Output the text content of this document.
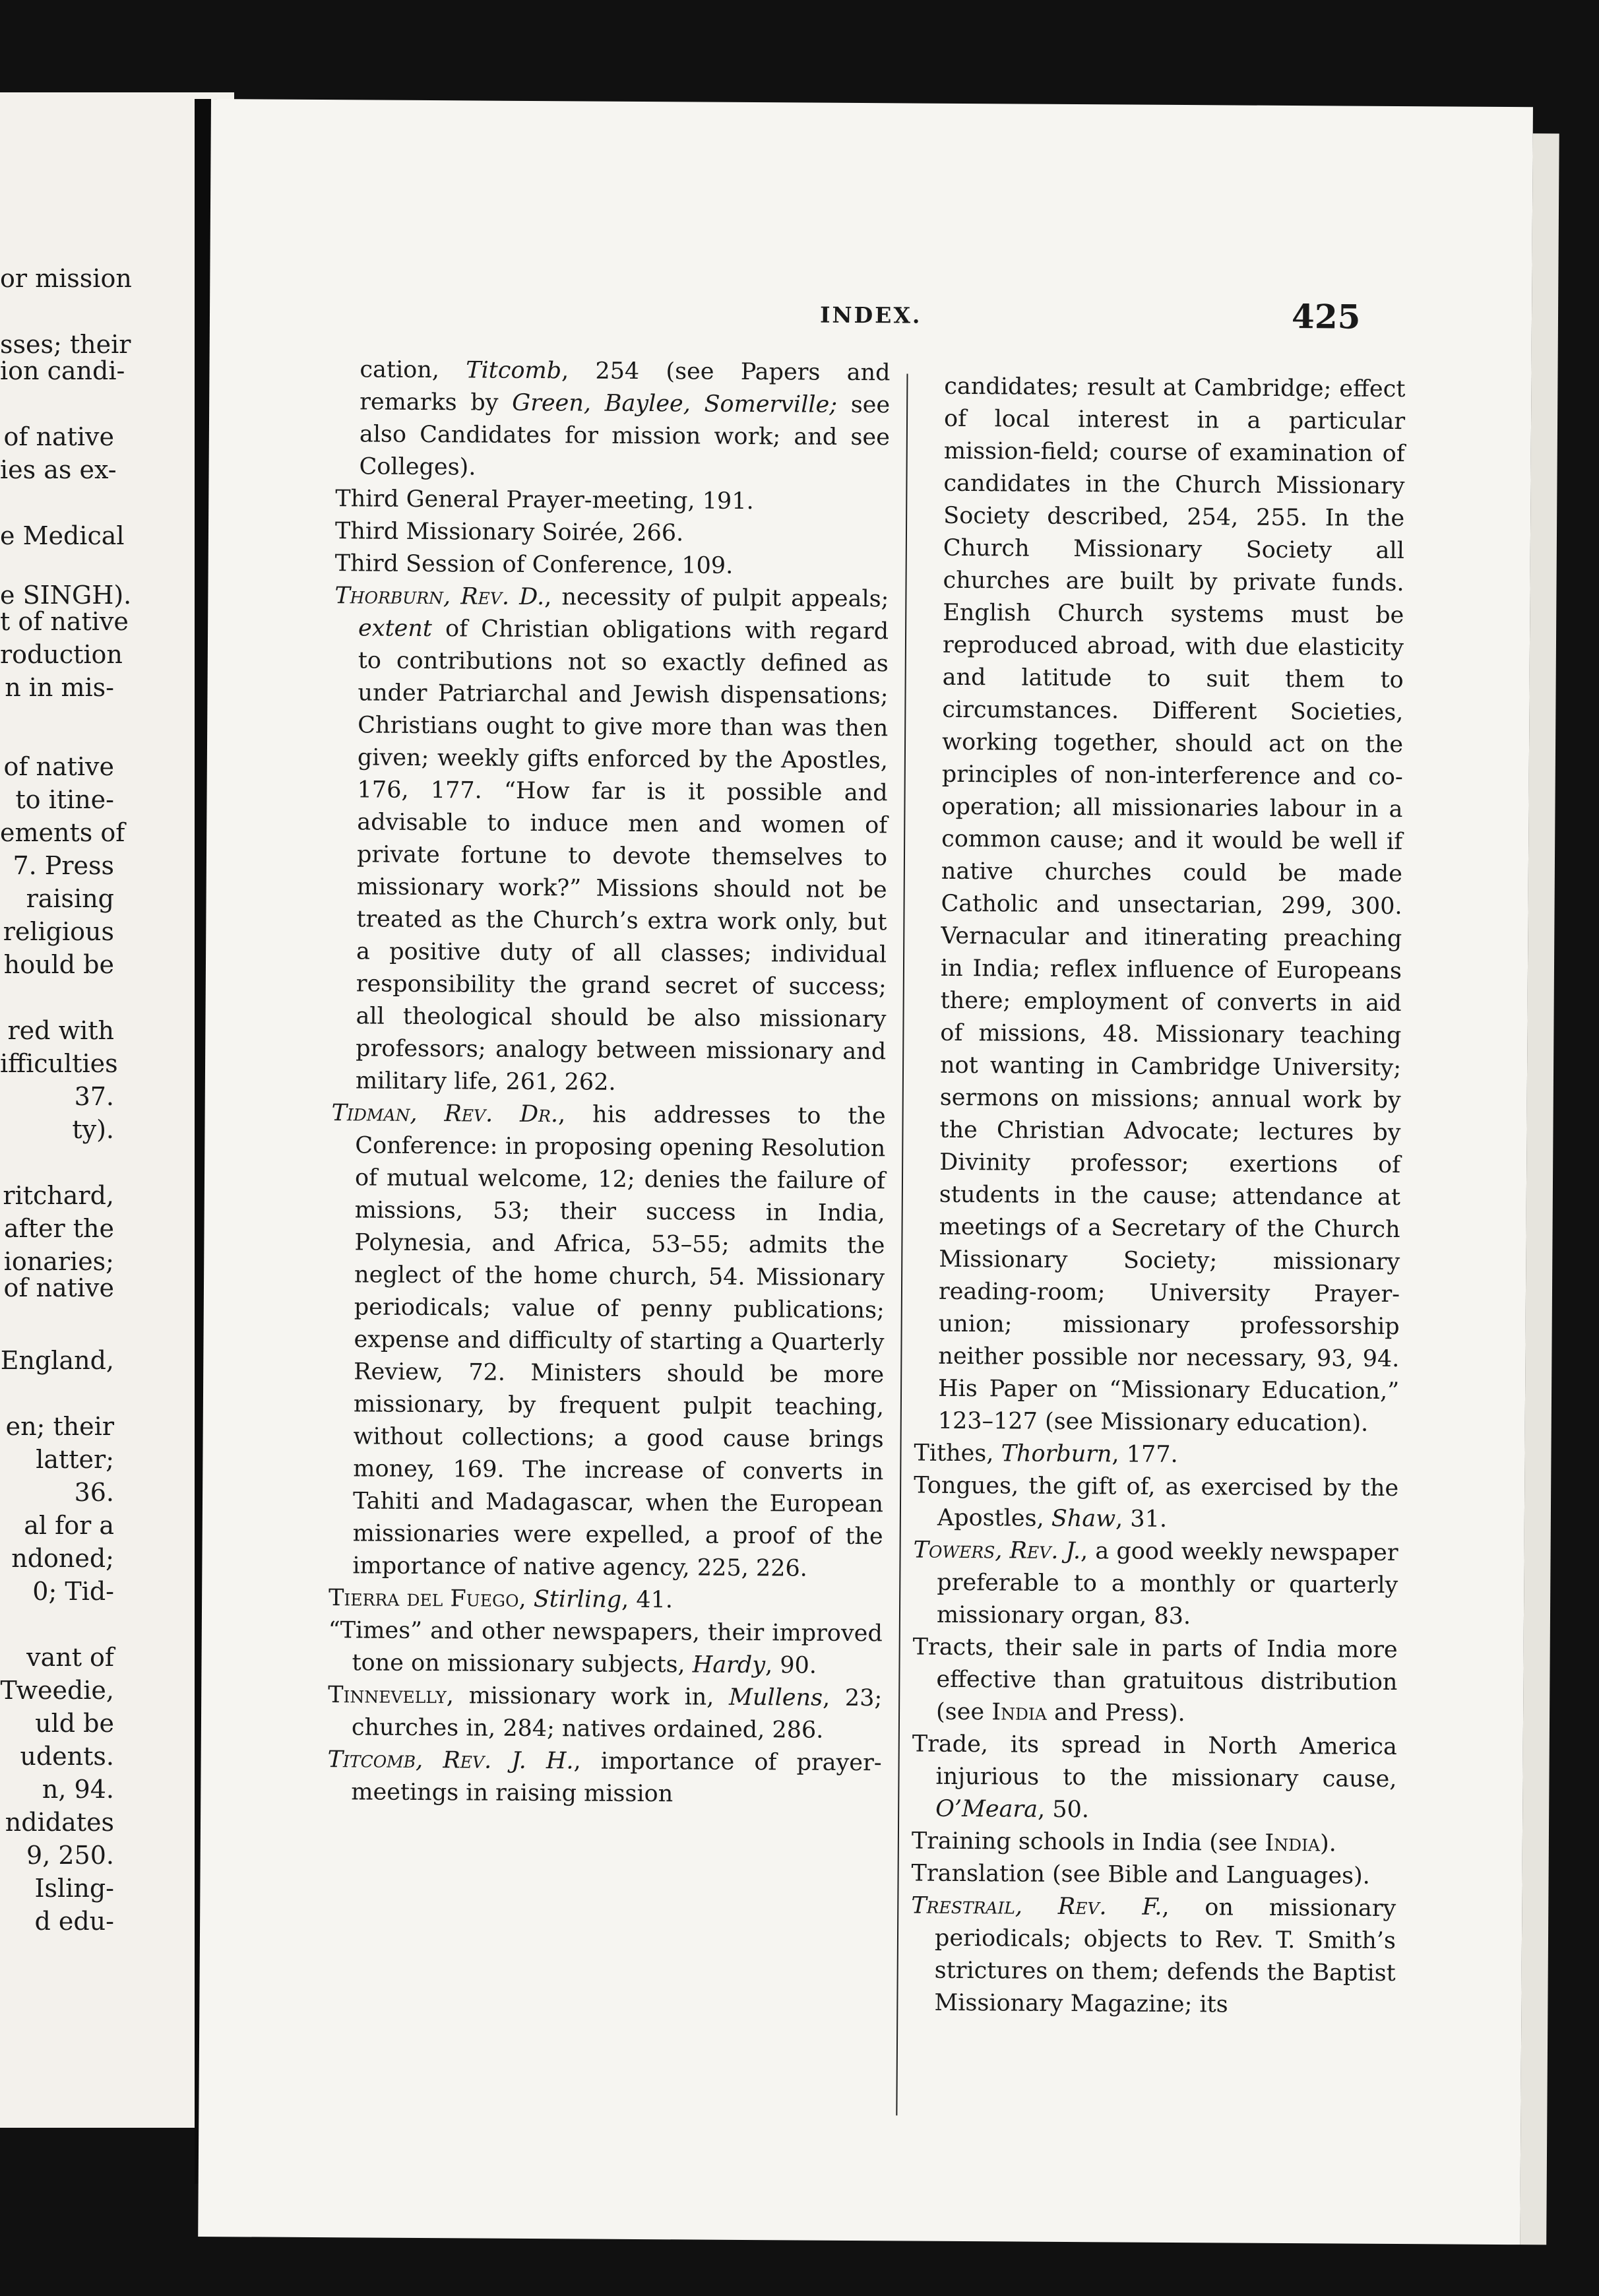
or mission
sses; their
ion candi-
of native
ies as ex-
e Medical
e SINGH).
t of native
roduction
n in mis-
of native
to itine-
ements of
7. Press
raising
religious
hould be
red with
ifficulties
37.
ty).
ritchard,
after the
ionaries;
of native
England,
en; their
latter;
36.
al for a
ndoned;
0; Tid-
vant of
Tweedie,
uld be
udents.
n, 94.
ndidates
9, 250.
Isling-
d edu-
INDEX.	425

cation, Titcomb, 254 (see Papers and remarks by Green, Baylee, Somerville; see also Candidates for mission work; and see Colleges).

Third General Prayer-meeting, 191.

Third Missionary Soirée, 266.

Third Session of Conference, 109.

Thorburn, Rev. D., necessity of pulpit appeals; extent of Christian obligations with regard to contributions not so exactly defined as under Patriarchal and Jewish dispensations; Christians ought to give more than was then given; weekly gifts enforced by the Apostles, 176, 177. “How far is it possible and advisable to induce men and women of private fortune to devote themselves to missionary work?” Missions should not be treated as the Church’s extra work only, but a positive duty of all classes; individual responsibility the grand secret of success; all theological should be also missionary professors; analogy between missionary and military life, 261, 262.

Tidman, Rev. Dr., his addresses to the Conference: in proposing opening Resolution of mutual welcome, 12; denies the failure of missions, 53; their success in India, Polynesia, and Africa, 53–55; admits the neglect of the home church, 54. Missionary periodicals; value of penny publications; expense and difficulty of starting a Quarterly Review, 72. Ministers should be more missionary, by frequent pulpit teaching, without collections; a good cause brings money, 169. The increase of converts in Tahiti and Madagascar, when the European missionaries were expelled, a proof of the importance of native agency, 225, 226.

Tierra del Fuego, Stirling, 41.

“Times” and other newspapers, their improved tone on missionary subjects, Hardy, 90.

Tinnevelly, missionary work in, Mullens, 23; churches in, 284; natives ordained, 286.

Titcomb, Rev. J. H., importance of prayer-meetings in raising mission

candidates; result at Cambridge; effect of local interest in a particular mission-field; course of examination of candidates in the Church Missionary Society described, 254, 255. In the Church Missionary Society all churches are built by private funds. English Church systems must be reproduced abroad, with due elasticity and latitude to suit them to circumstances. Different Societies, working together, should act on the principles of non-interference and co-operation; all missionaries labour in a common cause; and it would be well if native churches could be made Catholic and unsectarian, 299, 300. Vernacular and itinerating preaching in India; reflex influence of Europeans there; employment of converts in aid of missions, 48. Missionary teaching not wanting in Cambridge University; sermons on missions; annual work by the Christian Advocate; lectures by Divinity professor; exertions of students in the cause; attendance at meetings of a Secretary of the Church Missionary Society; missionary reading-room; University Prayer-union; missionary professorship neither possible nor necessary, 93, 94. His Paper on “Missionary Education,” 123–127 (see Missionary education).

Tithes, Thorburn, 177.

Tongues, the gift of, as exercised by the Apostles, Shaw, 31.

Towers, Rev. J., a good weekly newspaper preferable to a monthly or quarterly missionary organ, 83.

Tracts, their sale in parts of India more effective than gratuitous distribution (see India and Press).

Trade, its spread in North America injurious to the missionary cause, O’Meara, 50.

Training schools in India (see India).

Translation (see Bible and Languages).

Trestrail, Rev. F., on missionary periodicals; objects to Rev. T. Smith’s strictures on them; defends the Baptist Missionary Magazine; its
